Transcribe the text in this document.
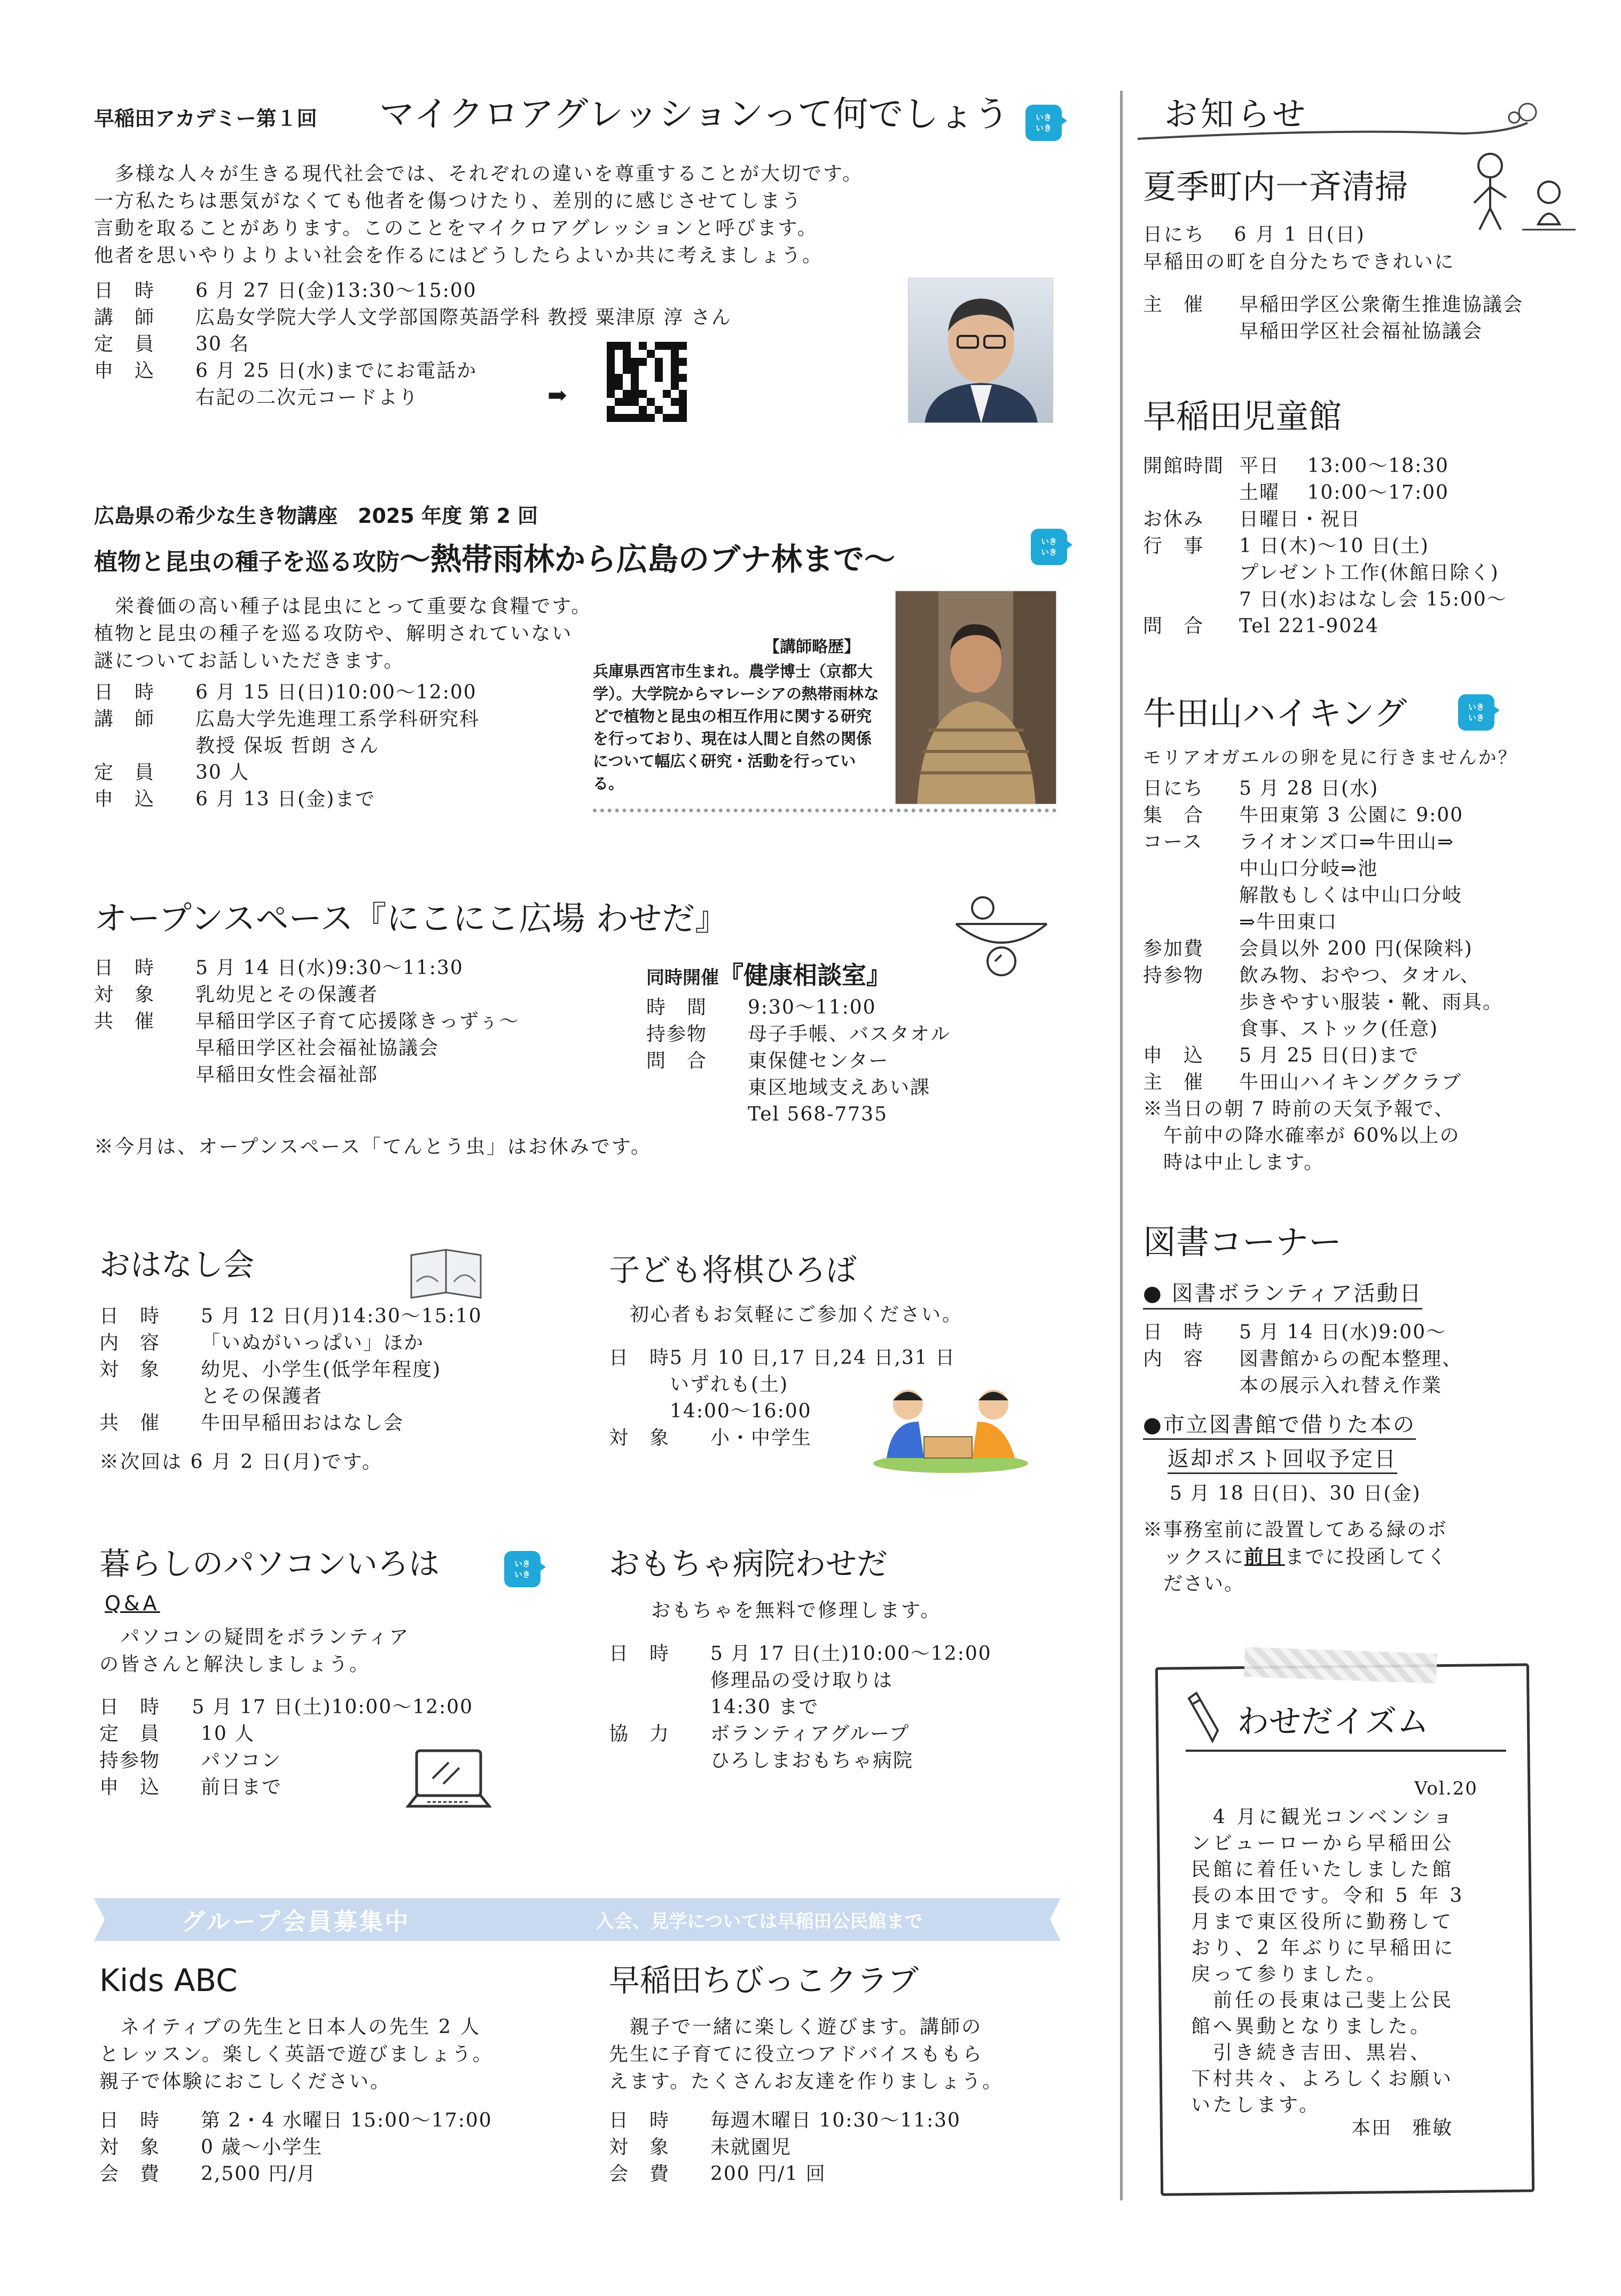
早稲田アカデミー第１回 マイクロアグレッションって何でしょう	いき
いき
　多様な人々が生きる現代社会では、それぞれの違いを尊重することが大切です。
一方私たちは悪気がなくても他者を傷つけたり、差別的に感じさせてしまう
言動を取ることがあります。このことをマイクロアグレッションと呼びます。
他者を思いやりよりよい社会を作るにはどうしたらよいか共に考えましょう。
日　時	6 月 27 日(金)13:30～15:00
講　師	広島女学院大学人文学部国際英語学科 教授 粟津原 淳 さん
定　員	30 名
申　込	6 月 25 日(水)までにお電話か
右記の二次元コードより	➡
広島県の希少な生き物講座　2025 年度 第 2 回
植物と昆虫の種子を巡る攻防～熱帯雨林から広島のブナ林まで～	いき
いき
　栄養価の高い種子は昆虫にとって重要な食糧です。
植物と昆虫の種子を巡る攻防や、解明されていない
謎についてお話しいただきます。
日　時	6 月 15 日(日)10:00～12:00
講　師	広島大学先進理工系学科研究科
教授 保坂 哲朗 さん
定　員	30 人
申　込	6 月 13 日(金)まで
【講師略歴】
兵庫県西宮市生まれ。農学博士（京都大学）。大学院からマレーシアの熱帯雨林などで植物と昆虫の相互作用に関する研究を行っており、現在は人間と自然の関係について幅広く研究・活動を行っている。
オープンスペース『にこにこ広場 わせだ』
日　時	5 月 14 日(水)9:30～11:30
対　象	乳幼児とその保護者
共　催	早稲田学区子育て応援隊きっずぅ～
早稲田学区社会福祉協議会
早稲田女性会福祉部
同時開催『健康相談室』
時　間	9:30～11:00
持参物	母子手帳、バスタオル
問　合	東保健センター
東区地域支えあい課
Tel 568-7735
※今月は、オープンスペース「てんとう虫」はお休みです。
おはなし会
日　時	5 月 12 日(月)14:30～15:10
内　容	「いぬがいっぱい」ほか
対　象	幼児、小学生(低学年程度)
とその保護者
共　催	牛田早稲田おはなし会
※次回は 6 月 2 日(月)です。
子ども将棋ひろば
　初心者もお気軽にご参加ください。
日　時 5 月 10 日,17 日,24 日,31 日
いずれも(土)
14:00～16:00
対　象	小・中学生
暮らしのパソコンいろは	いき
いき
Q&A
　パソコンの疑問をボランティア
の皆さんと解決しましょう。
日　時	5 月 17 日(土)10:00～12:00
定　員	10 人
持参物	パソコン
申　込	前日まで
おもちゃ病院わせだ
　おもちゃを無料で修理します。
日　時	5 月 17 日(土)10:00～12:00
修理品の受け取りは
14:30 まで
協　力	ボランティアグループ
ひろしまおもちゃ病院
グループ会員募集中	入会、見学については早稲田公民館まで
Kids ABC
　ネイティブの先生と日本人の先生 2 人
とレッスン。楽しく英語で遊びましょう。
親子で体験におこしください。
日　時	第 2・4 水曜日 15:00～17:00
対　象	0 歳～小学生
会　費	2,500 円/月
早稲田ちびっこクラブ
　親子で一緒に楽しく遊びます。講師の
先生に子育てに役立つアドバイスももら
えます。たくさんお友達を作りましょう。
日　時	毎週木曜日 10:30～11:30
対　象	未就園児
会　費	200 円/1 回
お知らせ
夏季町内一斉清掃
日にち　 6 月 1 日(日)
早稲田の町を自分たちできれいに
主　催	早稲田学区公衆衛生推進協議会
早稲田学区社会福祉協議会
早稲田児童館
開館時間 平日　 13:00～18:30
土曜　 10:00～17:00
お休み	日曜日・祝日
行　事	1 日(木)～10 日(土)
プレゼント工作(休館日除く)
7 日(水)おはなし会 15:00～
問　合	Tel 221-9024
牛田山ハイキング	いき
いき
モリアオガエルの卵を見に行きませんか？
日にち	5 月 28 日(水)
集　合	牛田東第 3 公園に 9:00
コース	ライオンズ口⇒牛田山⇒
中山口分岐⇒池
解散もしくは中山口分岐
⇒牛田東口
参加費	会員以外 200 円(保険料)
持参物	飲み物、おやつ、タオル、
歩きやすい服装・靴、雨具。
食事、ストック(任意)
申　込	5 月 25 日(日)まで
主　催	牛田山ハイキングクラブ
※当日の朝 7 時前の天気予報で、
　午前中の降水確率が 60%以上の
　時は中止します。
図書コーナー
● 図書ボランティア活動日
日　時	5 月 14 日(水)9:00～
内　容	図書館からの配本整理、
本の展示入れ替え作業
●市立図書館で借りた本の
返却ポスト回収予定日
5 月 18 日(日)、30 日(金)
※事務室前に設置してある緑のボ
　ックスに前日までに投函してく
　ださい。
わせだイズム
Vol.20
　4 月に観光コンベンショ
ンビューローから早稲田公
民館に着任いたしました館
長の本田です。令和 5 年 3
月まで東区役所に勤務して
おり、2 年ぶりに早稲田に
戻って参りました。
　前任の長東は己斐上公民
館へ異動となりました。
　引き続き吉田、黒岩、
下村共々、よろしくお願い
いたします。
本田　雅敏
